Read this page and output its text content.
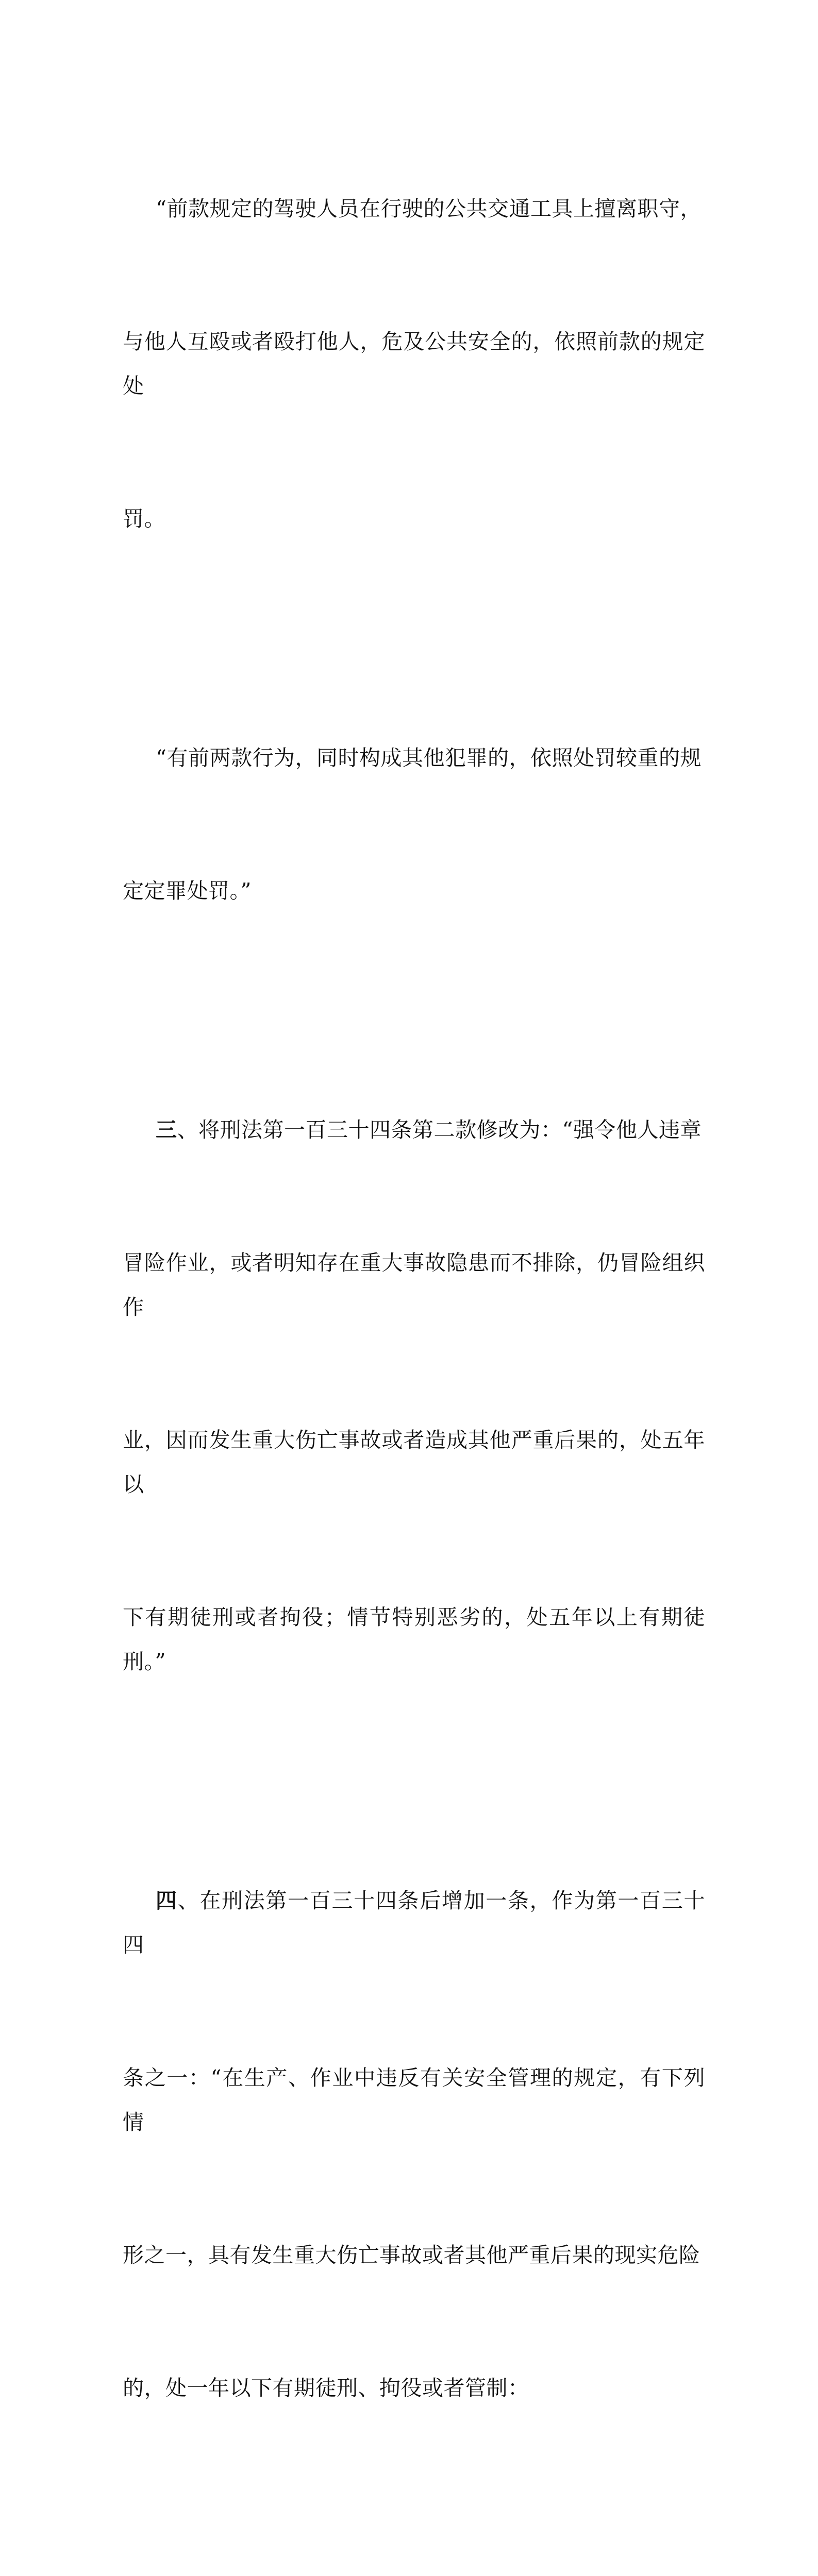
“前款规定的驾驶人员在行驶的公共交通工具上擅离职守，

与他人互殴或者殴打他人，危及公共安全的，依照前款的规定处

罚。

“有前两款行为，同时构成其他犯罪的，依照处罚较重的规

定定罪处罚。”

三、将刑法第一百三十四条第二款修改为：“强令他人违章

冒险作业，或者明知存在重大事故隐患而不排除，仍冒险组织作

业，因而发生重大伤亡事故或者造成其他严重后果的，处五年以

下有期徒刑或者拘役；情节特别恶劣的，处五年以上有期徒刑。”

四、在刑法第一百三十四条后增加一条，作为第一百三十四

条之一：“在生产、作业中违反有关安全管理的规定，有下列情

形之一，具有发生重大伤亡事故或者其他严重后果的现实危险

的，处一年以下有期徒刑、拘役或者管制：
